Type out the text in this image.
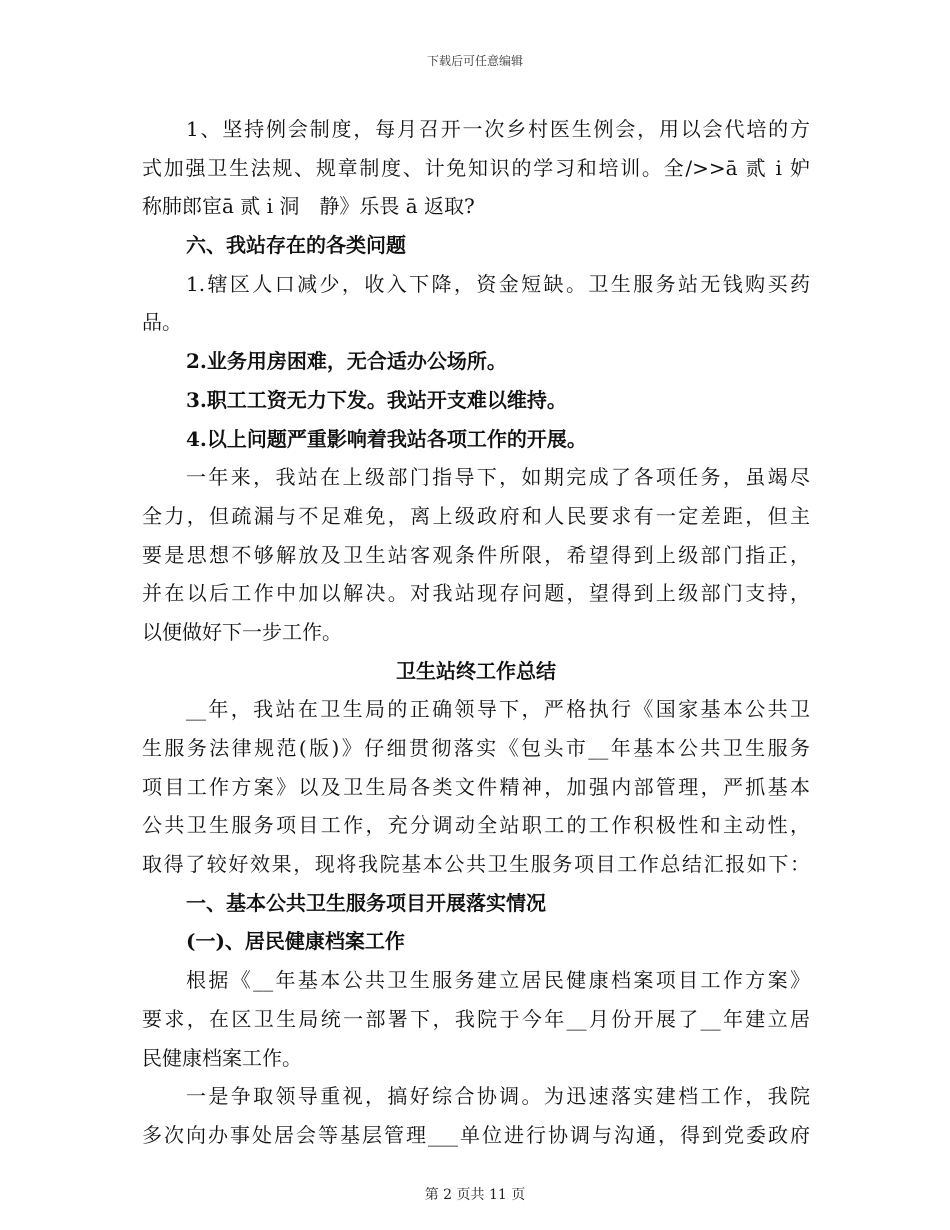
下载后可任意编辑
1、坚持例会制度，每月召开一次乡村医生例会，用以会代培的方
式加强卫生法规、规章制度、计免知识的学习和培训。全/>>ā 贰 i 妒
称肺郎宦ā 贰 i 洞　静》乐畏 ā 返取?
六、我站存在的各类问题
1.辖区人口减少，收入下降，资金短缺。卫生服务站无钱购买药
品。
2.业务用房困难，无合适办公场所。
3.职工工资无力下发。我站开支难以维持。
4.以上问题严重影响着我站各项工作的开展。
一年来，我站在上级部门指导下，如期完成了各项任务，虽竭尽
全力，但疏漏与不足难免，离上级政府和人民要求有一定差距，但主
要是思想不够解放及卫生站客观条件所限，希望得到上级部门指正，
并在以后工作中加以解决。对我站现存问题，望得到上级部门支持，
以便做好下一步工作。
卫生站终工作总结
__年，我站在卫生局的正确领导下，严格执行《国家基本公共卫
生服务法律规范(版)》仔细贯彻落实《包头市__年基本公共卫生服务
项目工作方案》以及卫生局各类文件精神，加强内部管理，严抓基本
公共卫生服务项目工作，充分调动全站职工的工作积极性和主动性，
取得了较好效果，现将我院基本公共卫生服务项目工作总结汇报如下：
一、基本公共卫生服务项目开展落实情况
(一)、居民健康档案工作
根据《__年基本公共卫生服务建立居民健康档案项目工作方案》
要求，在区卫生局统一部署下，我院于今年__月份开展了__年建立居
民健康档案工作。
一是争取领导重视，搞好综合协调。为迅速落实建档工作，我院
多次向办事处居会等基层管理___单位进行协调与沟通，得到党委政府
第 2 页共 11 页
